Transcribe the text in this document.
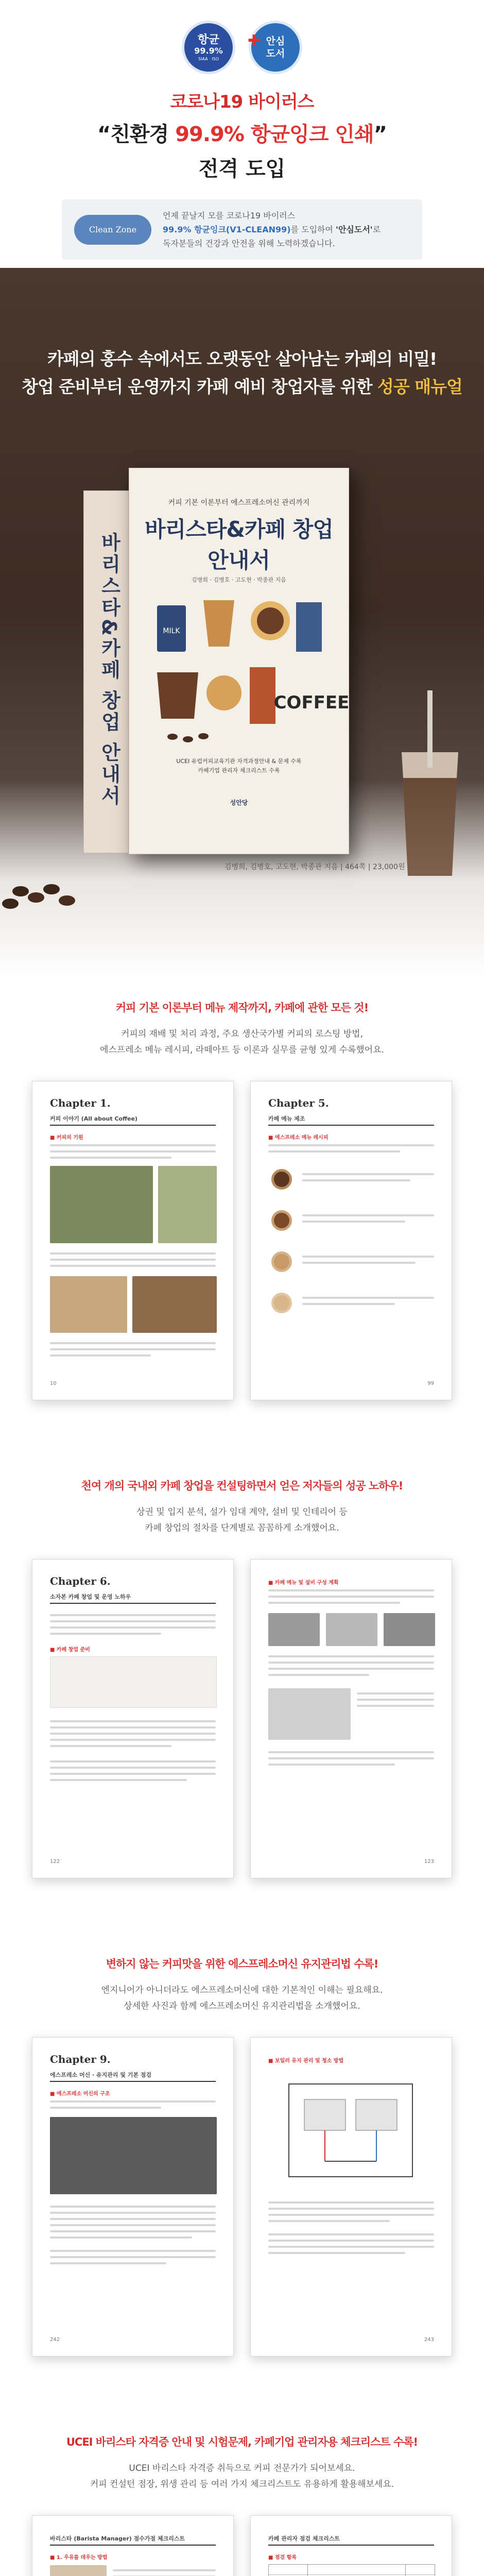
항균
99.9%
SIAA · ISO
안심
도서
✚
코로나19 바이러스
“친환경 99.9% 항균잉크 인쇄”
전격 도입
Clean Zone
언제 끝날지 모를 코로나19 바이러스
99.9% 항균잉크(V1-CLEAN99)를 도입하여 '안심도서'로
독자분들의 건강과 안전을 위해 노력하겠습니다.
카페의 홍수 속에서도 오랫동안 살아남는 카페의 비밀!
창업 준비부터 운영까지 카페 예비 창업자를 위한 성공 매뉴얼
바리스타&카페 창업 안내서
커피 기본 이론부터 에스프레소머신 관리까지
바리스타&카페 창업
안내서
김병희 · 김병호 · 고도현 · 박종관 지음
MILK
COFFEE
UCEI 유럽커피교육기관 자격과정안내 & 문제 수록
카페기업 관리자 체크리스트 수록
성안당
김병희, 김병호, 고도현, 박종관 지음 | 464쪽 | 23,000원
커피 기본 이론부터 메뉴 제작까지, 카페에 관한 모든 것!
커피의 재배 및 처리 과정, 주요 생산국가별 커피의 로스팅 방법,
에스프레소 메뉴 레시피, 라떼아트 등 이론과 실무를 균형 있게 수록했어요.
Chapter 1.
커피 이야기 (All about Coffee)
■ 커피의 기원
10
Chapter 5.
카페 메뉴 제조
■ 에스프레소 메뉴 레시피
99
천여 개의 국내외 카페 창업을 컨설팅하면서 얻은 저자들의 성공 노하우!
상권 및 입지 분석, 설가 임대 계약, 설비 및 인테리어 등
카페 창업의 절차를 단계별로 꼼꼼하게 소개했어요.
Chapter 6.
소자본 카페 창업 및 운영 노하우
■ 카페 창업 준비
122
■ 카페 메뉴 및 설비 구성 계획
123
변하지 않는 커피맛을 위한 에스프레소머신 유지관리법 수록!
엔지니어가 아니더라도 에스프레소머신에 대한 기본적인 이해는 필요해요.
상세한 사진과 함께 에스프레소머신 유지관리법을 소개했어요.
Chapter 9.
에스프레소 머신 · 유지관리 및 기본 점검
■ 에스프레소 머신의 구조
242
■ 보일러 유지 관리 및 청소 방법
243
UCEI 바리스타 자격증 안내 및 시험문제, 카페기업 관리자용 체크리스트 수록!
UCEI 바리스타 자격증 취득으로 커피 전문가가 되어보세요.
커피 컨설턴 점장, 위생 관리 등 여러 가지 체크리스트도 유용하게 활용해보세요.
바리스타 (Barista Manager) 점수가점 체크리스트
■ 1. 우유를 데우는 방법
카페 관리자 점검 체크리스트
■ 점검 항목
